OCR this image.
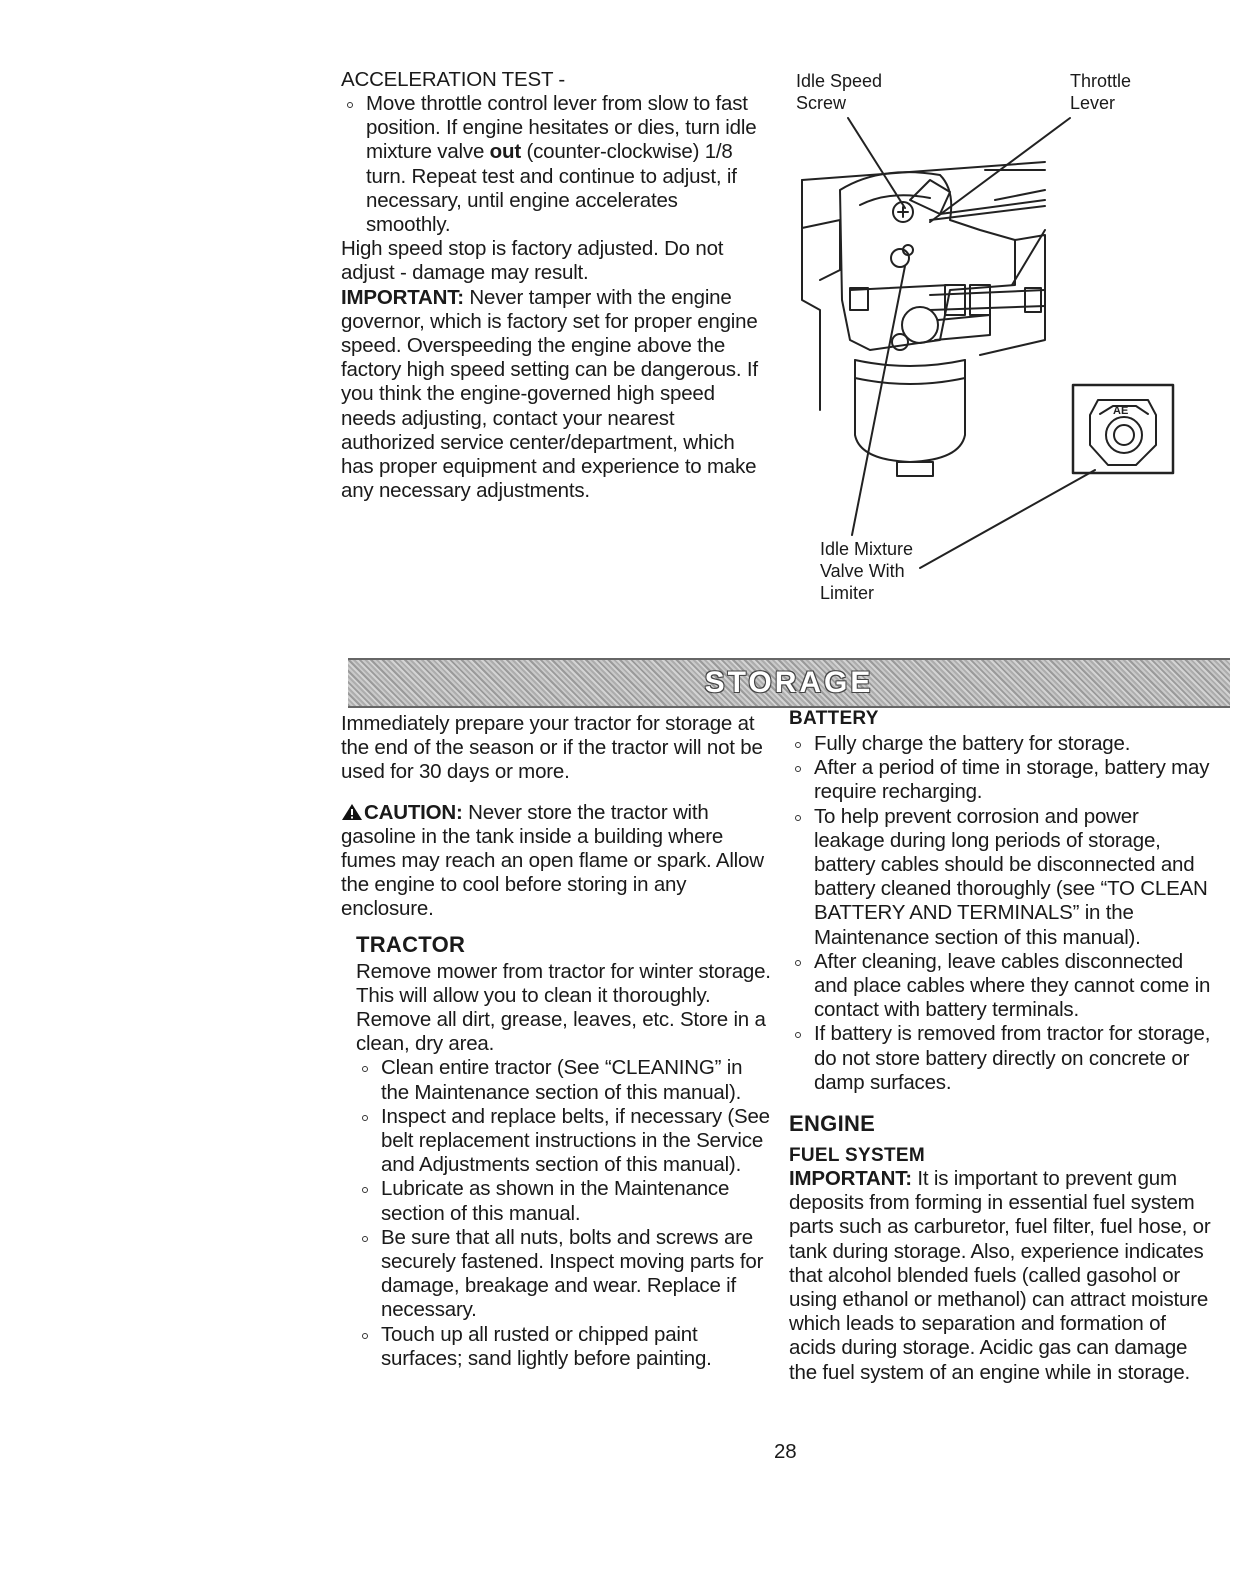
ACCELERATION TEST -
Move throttle control lever from slow to fast position. If engine hesitates or dies, turn idle mixture valve out (counter-clockwise) 1/8 turn. Repeat test and continue to adjust, if necessary, until engine accelerates smoothly.

High speed stop is factory adjusted. Do not adjust - damage may result.

IMPORTANT: Never tamper with the engine governor, which is factory set for proper engine speed. Overspeeding the engine above the factory high speed setting can be dangerous. If you think the engine-governed high speed needs adjusting, contact your nearest authorized service center/department, which has proper equipment and experience to make any necessary adjustments.

Idle Speed
Screw
Throttle
Lever
Idle Mixture
Valve With
Limiter
AE
STORAGE

Immediately prepare your tractor for storage at the end of the season or if the tractor will not be used for 30 days or more.

CAUTION: Never store the tractor with gasoline in the tank inside a building where fumes may reach an open flame or spark. Allow the engine to cool before storing in any enclosure.

TRACTOR

Remove mower from tractor for winter storage. This will allow you to clean it thoroughly. Remove all dirt, grease, leaves, etc. Store in a clean, dry area.

Clean entire tractor (See “CLEANING” in the Maintenance section of this manual).
Inspect and replace belts, if necessary (See belt replacement instructions in the Service and Adjustments section of this manual).
Lubricate as shown in the Maintenance section of this manual.
Be sure that all nuts, bolts and screws are securely fastened. Inspect moving parts for damage, breakage and wear. Replace if necessary.
Touch up all rusted or chipped paint surfaces; sand lightly before painting.
BATTERY
Fully charge the battery for storage.
After a period of time in storage, battery may require recharging.
To help prevent corrosion and power leakage during long periods of storage, battery cables should be disconnected and battery cleaned thoroughly (see “TO CLEAN BATTERY AND TERMINALS” in the Maintenance section of this manual).
After cleaning, leave cables disconnected and place cables where they cannot come in contact with battery terminals.
If battery is removed from tractor for storage, do not store battery directly on concrete or damp surfaces.
ENGINE
FUEL SYSTEM

IMPORTANT: It is important to prevent gum deposits from forming in essential fuel system parts such as carburetor, fuel filter, fuel hose, or tank during storage. Also, experience indicates that alcohol blended fuels (called gasohol or using ethanol or methanol) can attract moisture which leads to separation and formation of acids during storage. Acidic gas can damage the fuel system of an engine while in storage.

28
